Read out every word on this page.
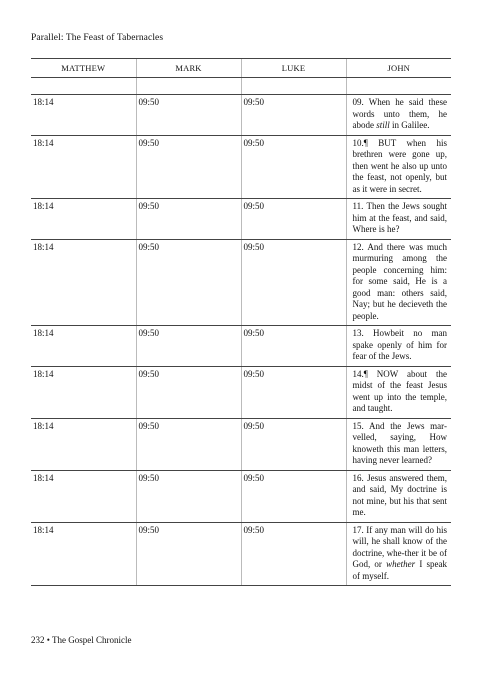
Parallel: The Feast of Tabernacles
MATTHEW	MARK	LUKE	JOHN

18:14	09:50	09:50	09. When he said these words unto them, he abode still in Galilee.
18:14	09:50	09:50	10.¶ BUT when his brethren were gone up, then went he also up unto the feast, not openly, but as it were in secret.
18:14	09:50	09:50	11. Then the Jews sought him at the feast, and said, Where is he?
18:14	09:50	09:50	12. And there was much murmuring among the people concerning him: for some said, He is a good man: others said, Nay; but he decieveth the people.
18:14	09:50	09:50	13. Howbeit no man spake openly of him for fear of the Jews.
18:14	09:50	09:50	14.¶ NOW about the midst of the feast Jesus went up into the temple, and taught.
18:14	09:50	09:50	15. And the Jews mar-velled, saying, How knoweth this man letters, having never learned?
18:14	09:50	09:50	16. Jesus answered them, and said, My doctrine is not mine, but his that sent me.
18:14	09:50	09:50	17. If any man will do his will, he shall know of the doctrine, whe-ther it be of God, or whether I speak of myself.
232 • The Gospel Chronicle
